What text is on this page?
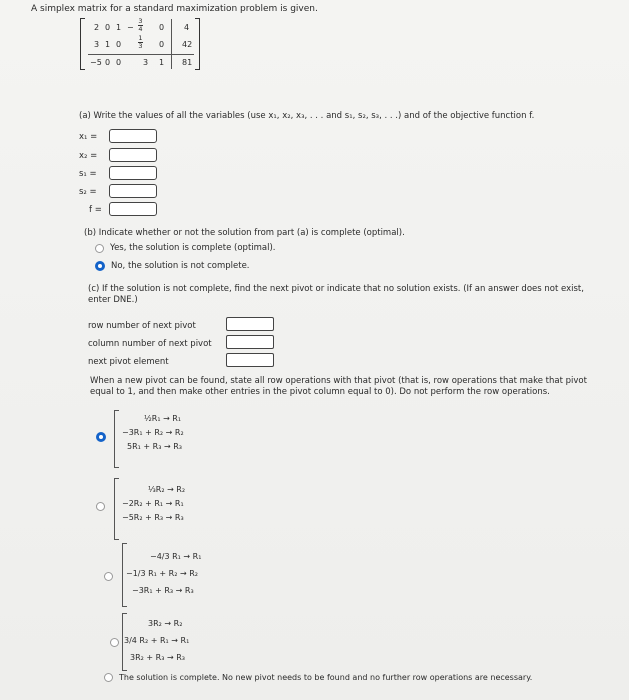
A simplex matrix for a standard maximization problem is given.
2 0 1 −
3
4 0 4
3 1 0
1
3 0 42
−5 0 0	3 1 81
(a) Write the values of all the variables (use x₁, x₂, x₃, . . . and s₁, s₂, s₃, . . .) and of the objective function f.
x₁ =
x₂ =
s₁ =
s₂ =
f =
(b) Indicate whether or not the solution from part (a) is complete (optimal).
Yes, the solution is complete (optimal).
No, the solution is not complete.
(c) If the solution is not complete, find the next pivot or indicate that no solution exists. (If an answer does not exist, enter DNE.)
row number of next pivot
column number of next pivot
next pivot element
When a new pivot can be found, state all row operations with that pivot (that is, row operations that make that pivot equal to 1, and then make other entries in the pivot column equal to 0). Do not perform the row operations.
½R₁ → R₁
−3R₁ + R₂ → R₂
5R₁ + R₃ → R₃
⅓R₂ → R₂
−2R₂ + R₁ → R₁
−5R₂ + R₃ → R₃
−4/3 R₁ → R₁
−1/3 R₁ + R₂ → R₂
−3R₁ + R₃ → R₃
3R₂ → R₂
3/4 R₂ + R₁ → R₁
3R₂ + R₃ → R₃
The solution is complete. No new pivot needs to be found and no further row operations are necessary.
